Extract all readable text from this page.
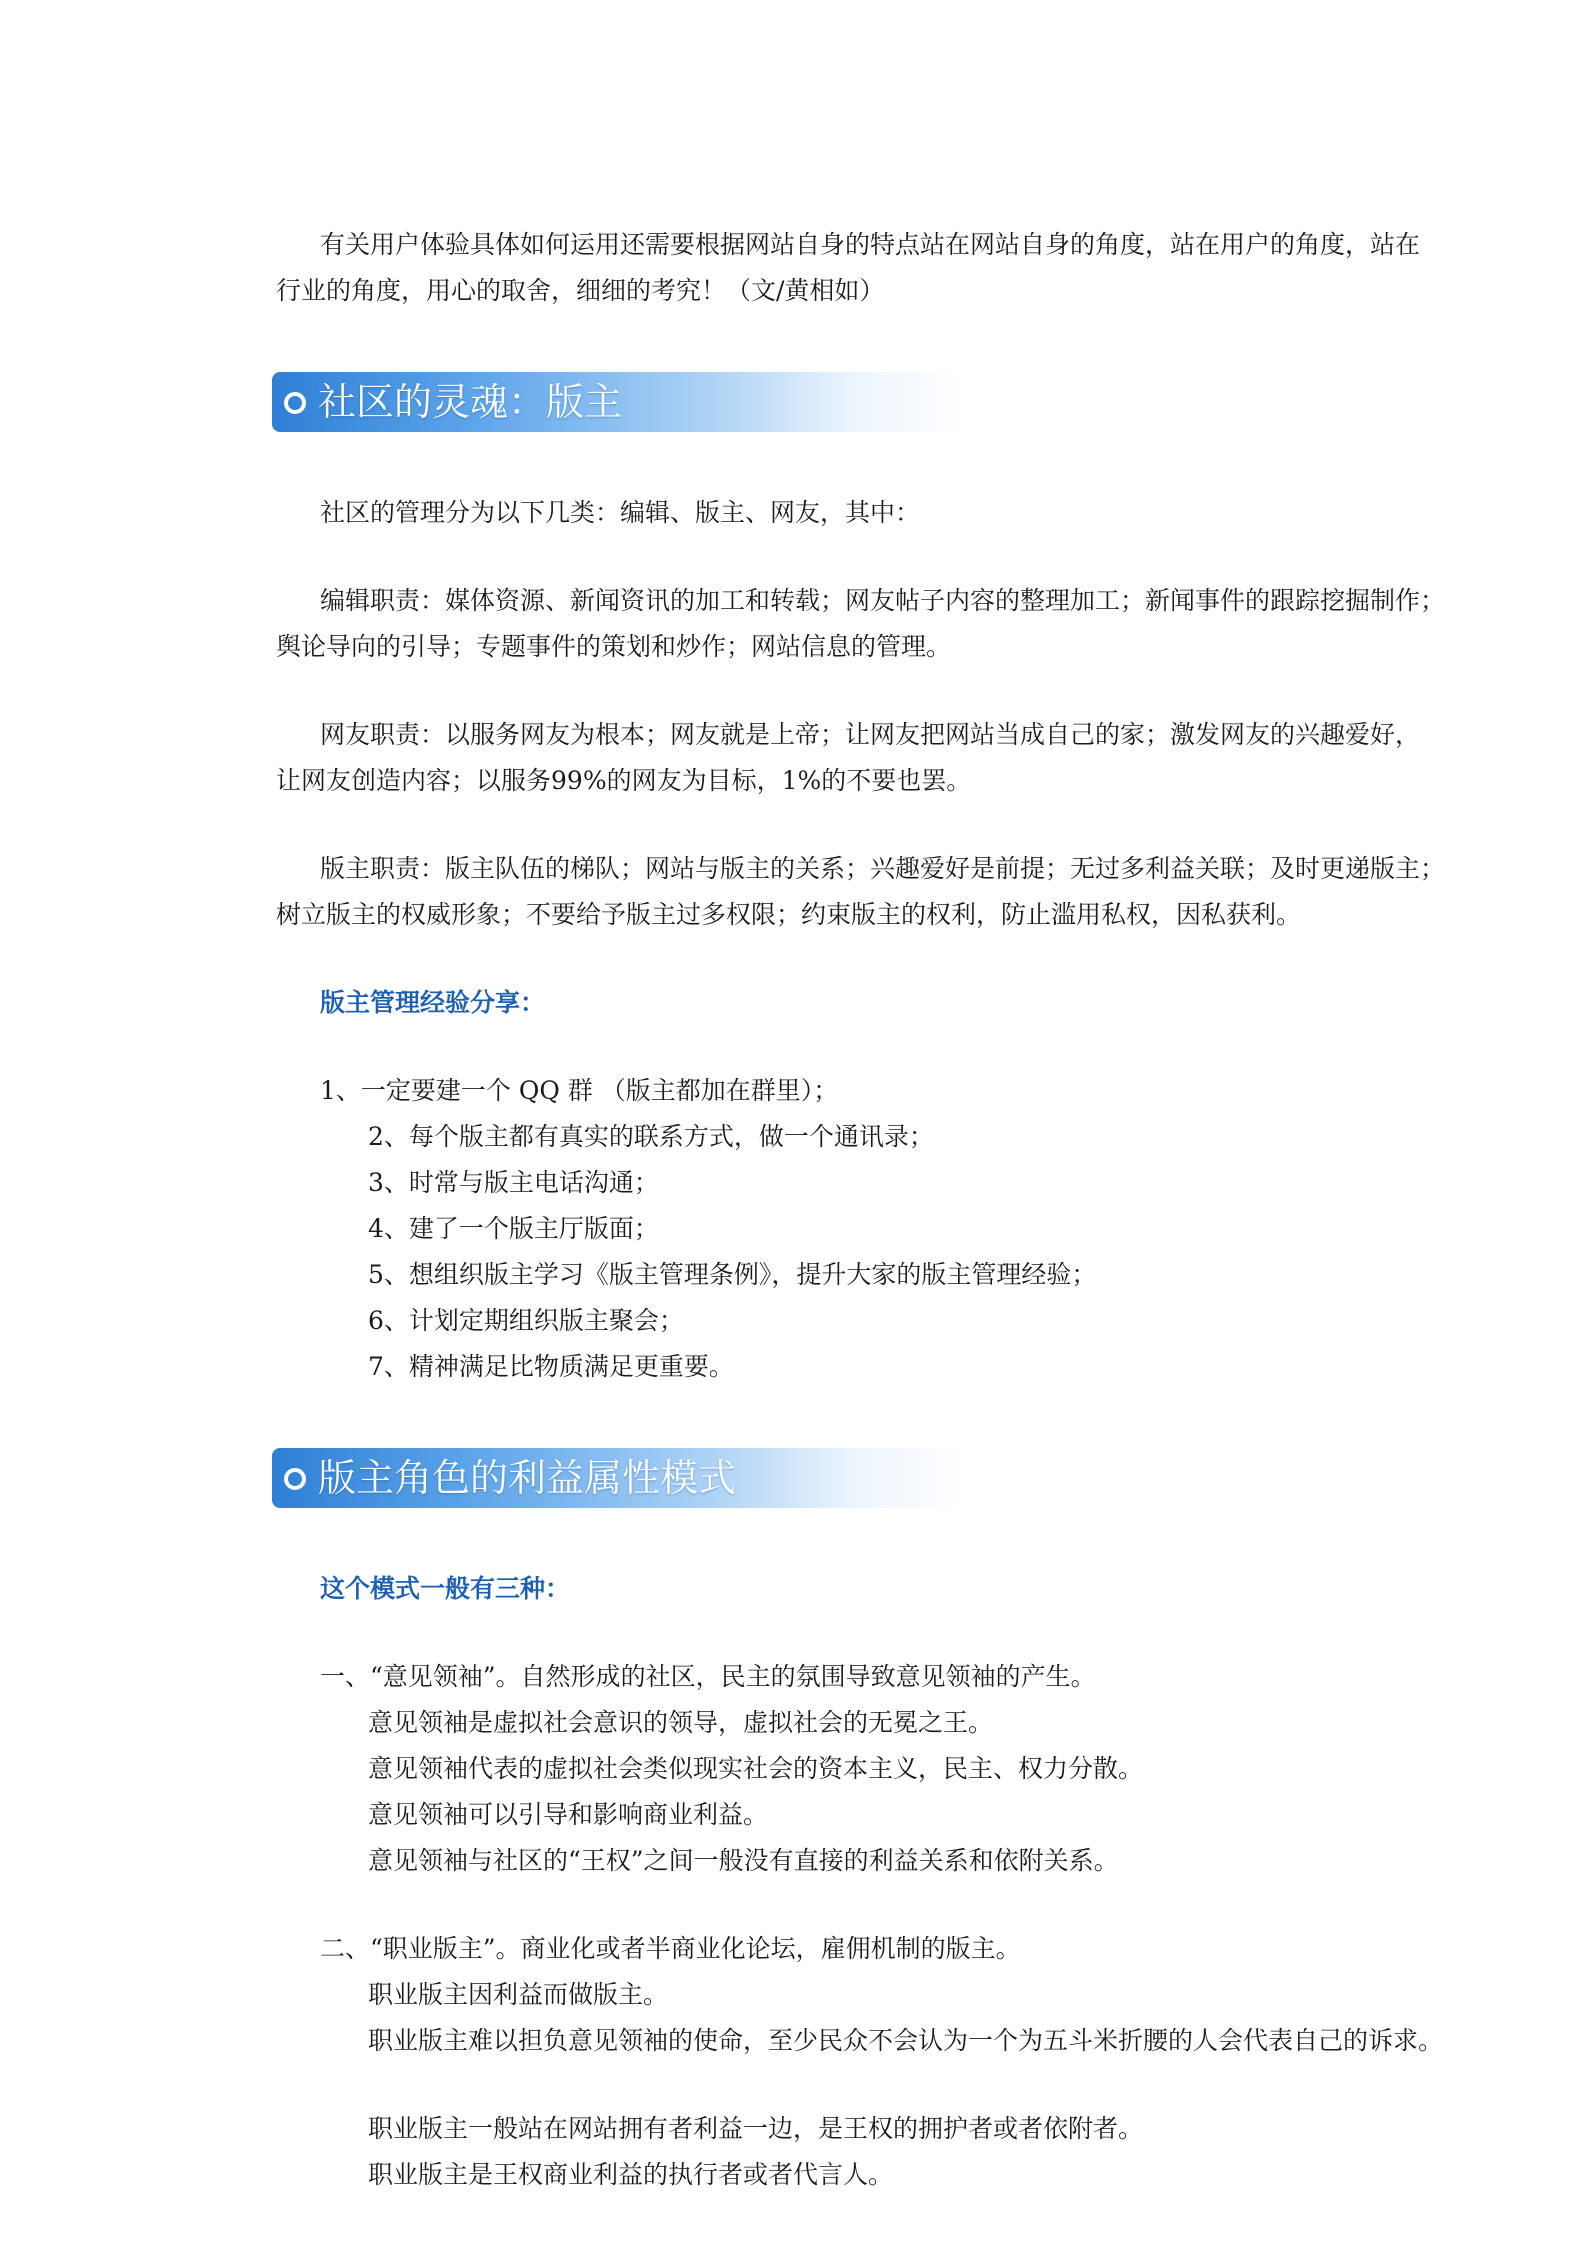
有关用户体验具体如何运用还需要根据网站自身的特点站在网站自身的角度，站在用户的角度，站在

行业的角度，用心的取舍，细细的考究！（文/黄相如）

社区的灵魂：版主

社区的管理分为以下几类：编辑、版主、网友，其中：

编辑职责：媒体资源、新闻资讯的加工和转载；网友帖子内容的整理加工；新闻事件的跟踪挖掘制作；

舆论导向的引导；专题事件的策划和炒作；网站信息的管理。

网友职责：以服务网友为根本；网友就是上帝；让网友把网站当成自己的家；激发网友的兴趣爱好，

让网友创造内容；以服务99%的网友为目标，1%的不要也罢。

版主职责：版主队伍的梯队；网站与版主的关系；兴趣爱好是前提；无过多利益关联；及时更递版主；

树立版主的权威形象；不要给予版主过多权限；约束版主的权利，防止滥用私权，因私获利。

版主管理经验分享：

1、一定要建一个 QQ 群 （版主都加在群里）；

2、每个版主都有真实的联系方式，做一个通讯录；

3、时常与版主电话沟通；

4、建了一个版主厅版面；

5、想组织版主学习《版主管理条例》，提升大家的版主管理经验；

6、计划定期组织版主聚会；

7、精神满足比物质满足更重要。

版主角色的利益属性模式

这个模式一般有三种：

一、“意见领袖”。自然形成的社区，民主的氛围导致意见领袖的产生。

意见领袖是虚拟社会意识的领导，虚拟社会的无冕之王。

意见领袖代表的虚拟社会类似现实社会的资本主义，民主、权力分散。

意见领袖可以引导和影响商业利益。

意见领袖与社区的“王权”之间一般没有直接的利益关系和依附关系。

二、“职业版主”。商业化或者半商业化论坛，雇佣机制的版主。

职业版主因利益而做版主。

职业版主难以担负意见领袖的使命，至少民众不会认为一个为五斗米折腰的人会代表自己的诉求。

职业版主一般站在网站拥有者利益一边，是王权的拥护者或者依附者。

职业版主是王权商业利益的执行者或者代言人。
